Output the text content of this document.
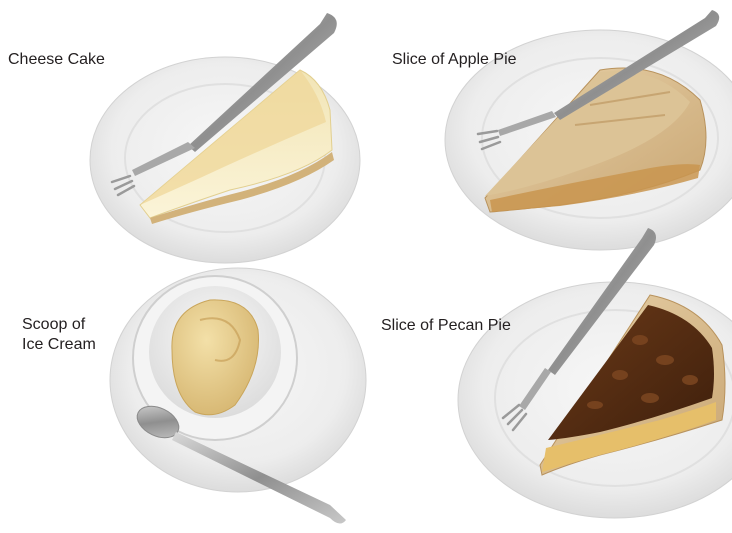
Cheese Cake	Slice of Apple Pie
Scoop of
Ice Cream
Slice of Pecan Pie
